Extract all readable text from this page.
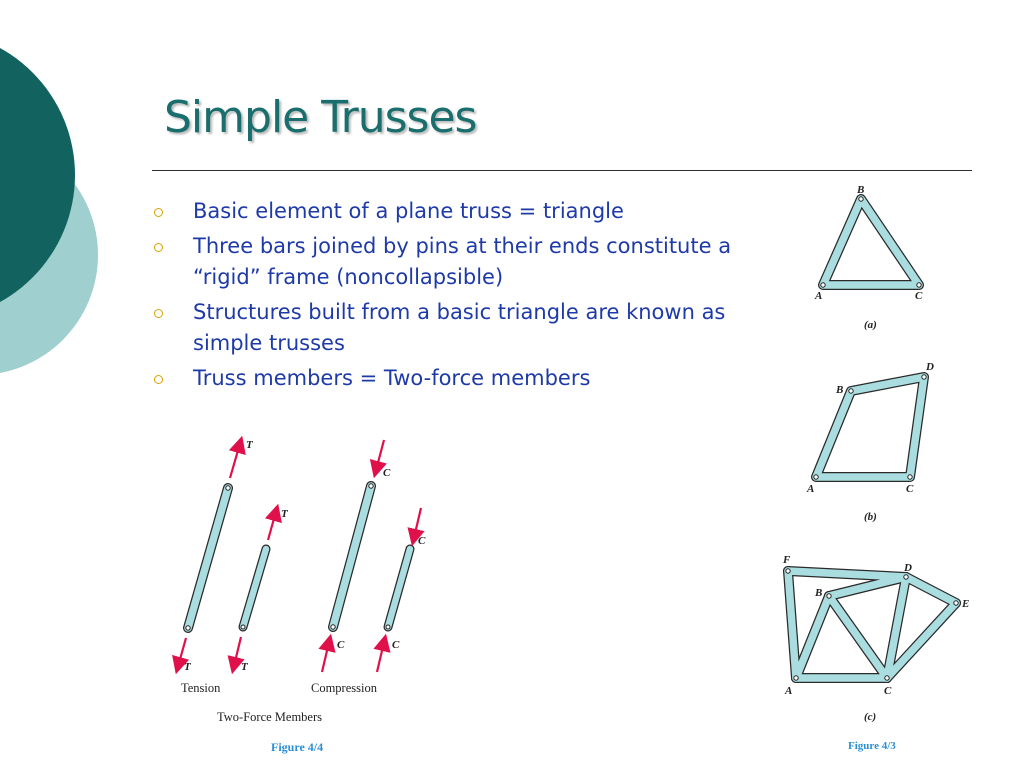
Simple Trusses
Basic element of a plane truss = triangle
Three bars joined by pins at their ends constitute a “rigid” frame (noncollapsible)
Structures built from a basic triangle are known as simple trusses
Truss members = Two-force members
T
T
T
T
C
C
C
C
Tension	Compression
Two-Force Members
Figure 4/4
A
B
C
(a)
A
B
C
D
(b)
A
B
C
D
E
F
(c)
Figure 4/3
